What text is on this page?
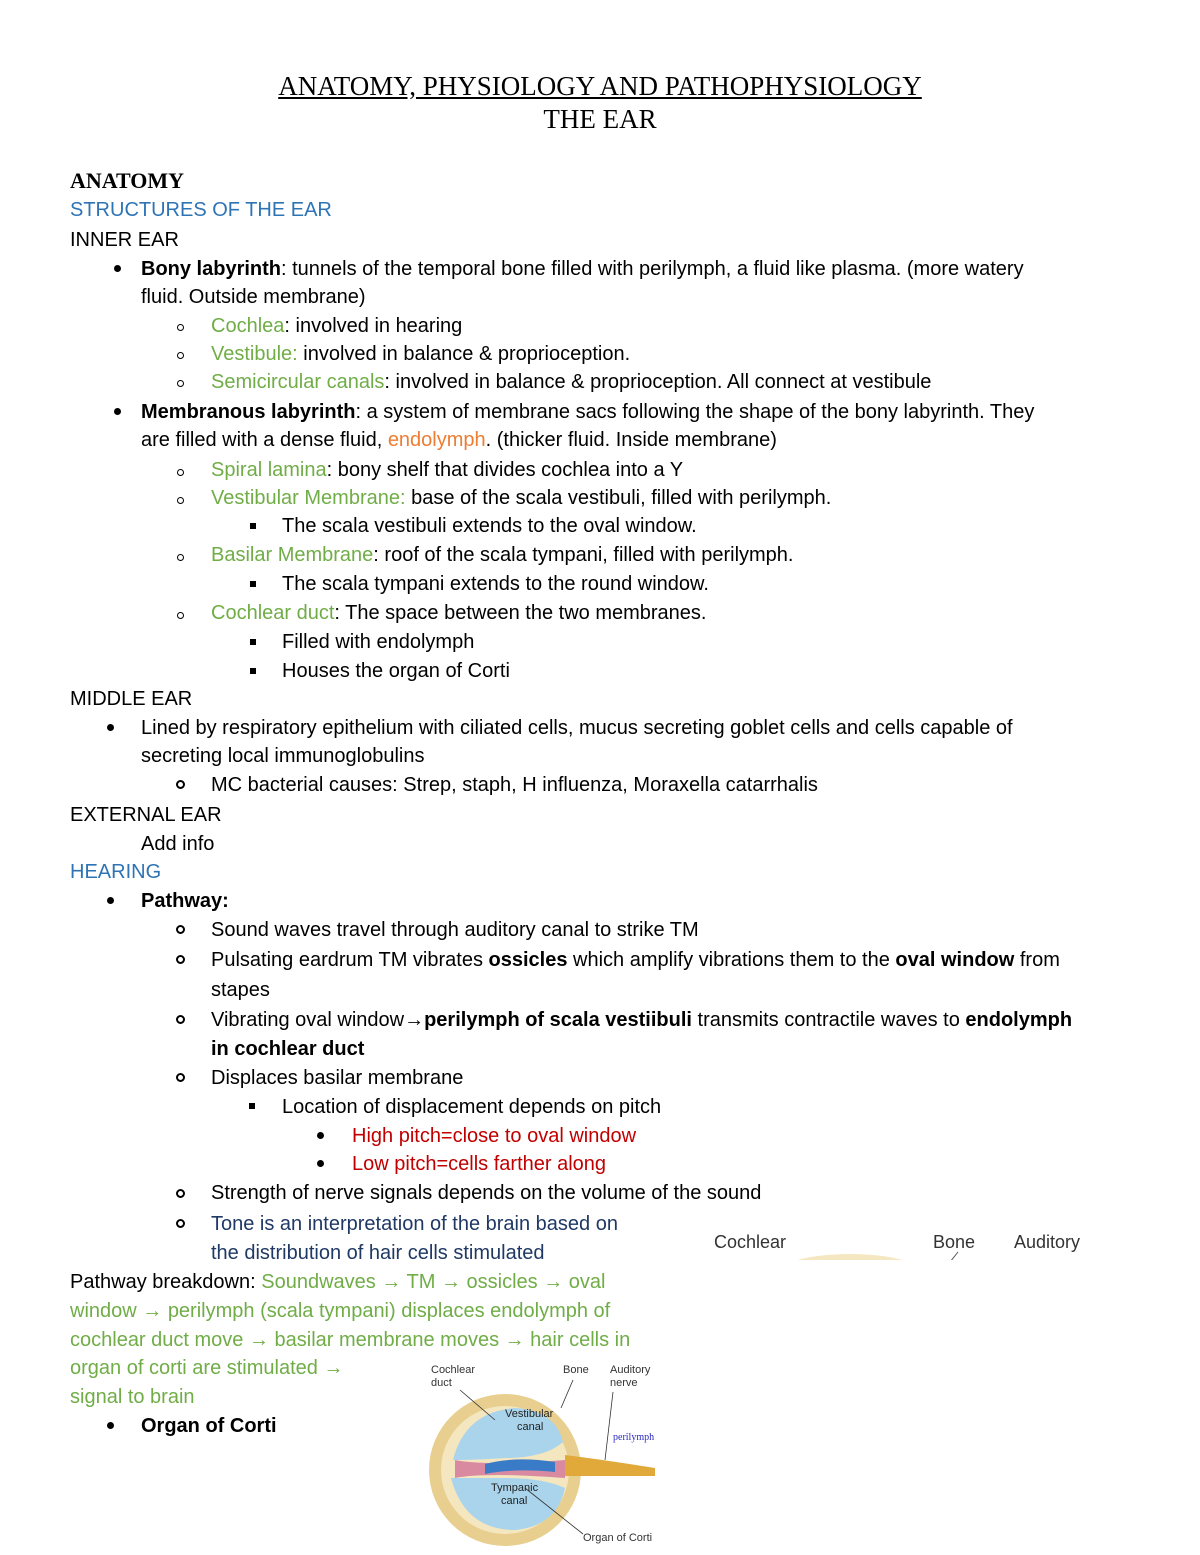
ANATOMY, PHYSIOLOGY AND PATHOPHYSIOLOGY
THE EAR
ANATOMY
STRUCTURES OF THE EAR
INNER EAR
Bony labyrinth: tunnels of the temporal bone filled with perilymph, a fluid like plasma. (more watery
fluid. Outside membrane)
Cochlea: involved in hearing
Vestibule: involved in balance & proprioception.
Semicircular canals: involved in balance & proprioception. All connect at vestibule
Membranous labyrinth: a system of membrane sacs following the shape of the bony labyrinth. They
are filled with a dense fluid, endolymph. (thicker fluid. Inside membrane)
Spiral lamina: bony shelf that divides cochlea into a Y
Vestibular Membrane: base of the scala vestibuli, filled with perilymph.
The scala vestibuli extends to the oval window.
Basilar Membrane: roof of the scala tympani, filled with perilymph.
The scala tympani extends to the round window.
Cochlear duct: The space between the two membranes.
Filled with endolymph
Houses the organ of Corti
MIDDLE EAR
Lined by respiratory epithelium with ciliated cells, mucus secreting goblet cells and cells capable of
secreting local immunoglobulins
MC bacterial causes: Strep, staph, H influenza, Moraxella catarrhalis
EXTERNAL EAR
Add info
HEARING
Pathway:
Sound waves travel through auditory canal to strike TM
Pulsating eardrum TM vibrates ossicles which amplify vibrations them to the oval window from
stapes
Vibrating oval window→perilymph of scala vestiibuli transmits contractile waves to endolymph
in cochlear duct
Displaces basilar membrane
Location of displacement depends on pitch
High pitch=close to oval window
Low pitch=cells farther along
Strength of nerve signals depends on the volume of the sound
Tone is an interpretation of the brain based on
the distribution of hair cells stimulated	Cochlear	Bone Auditory
Pathway breakdown: Soundwaves → TM → ossicles → oval
window → perilymph (scala tympani) displaces endolymph of
cochlear duct move → basilar membrane moves → hair cells in
organ of corti are stimulated →
signal to brain
Organ of Corti
Cochlear
duct
Bone Auditory
nerve
Vestibular
canal
perilymph
Tympanic
canal
Organ of Corti
